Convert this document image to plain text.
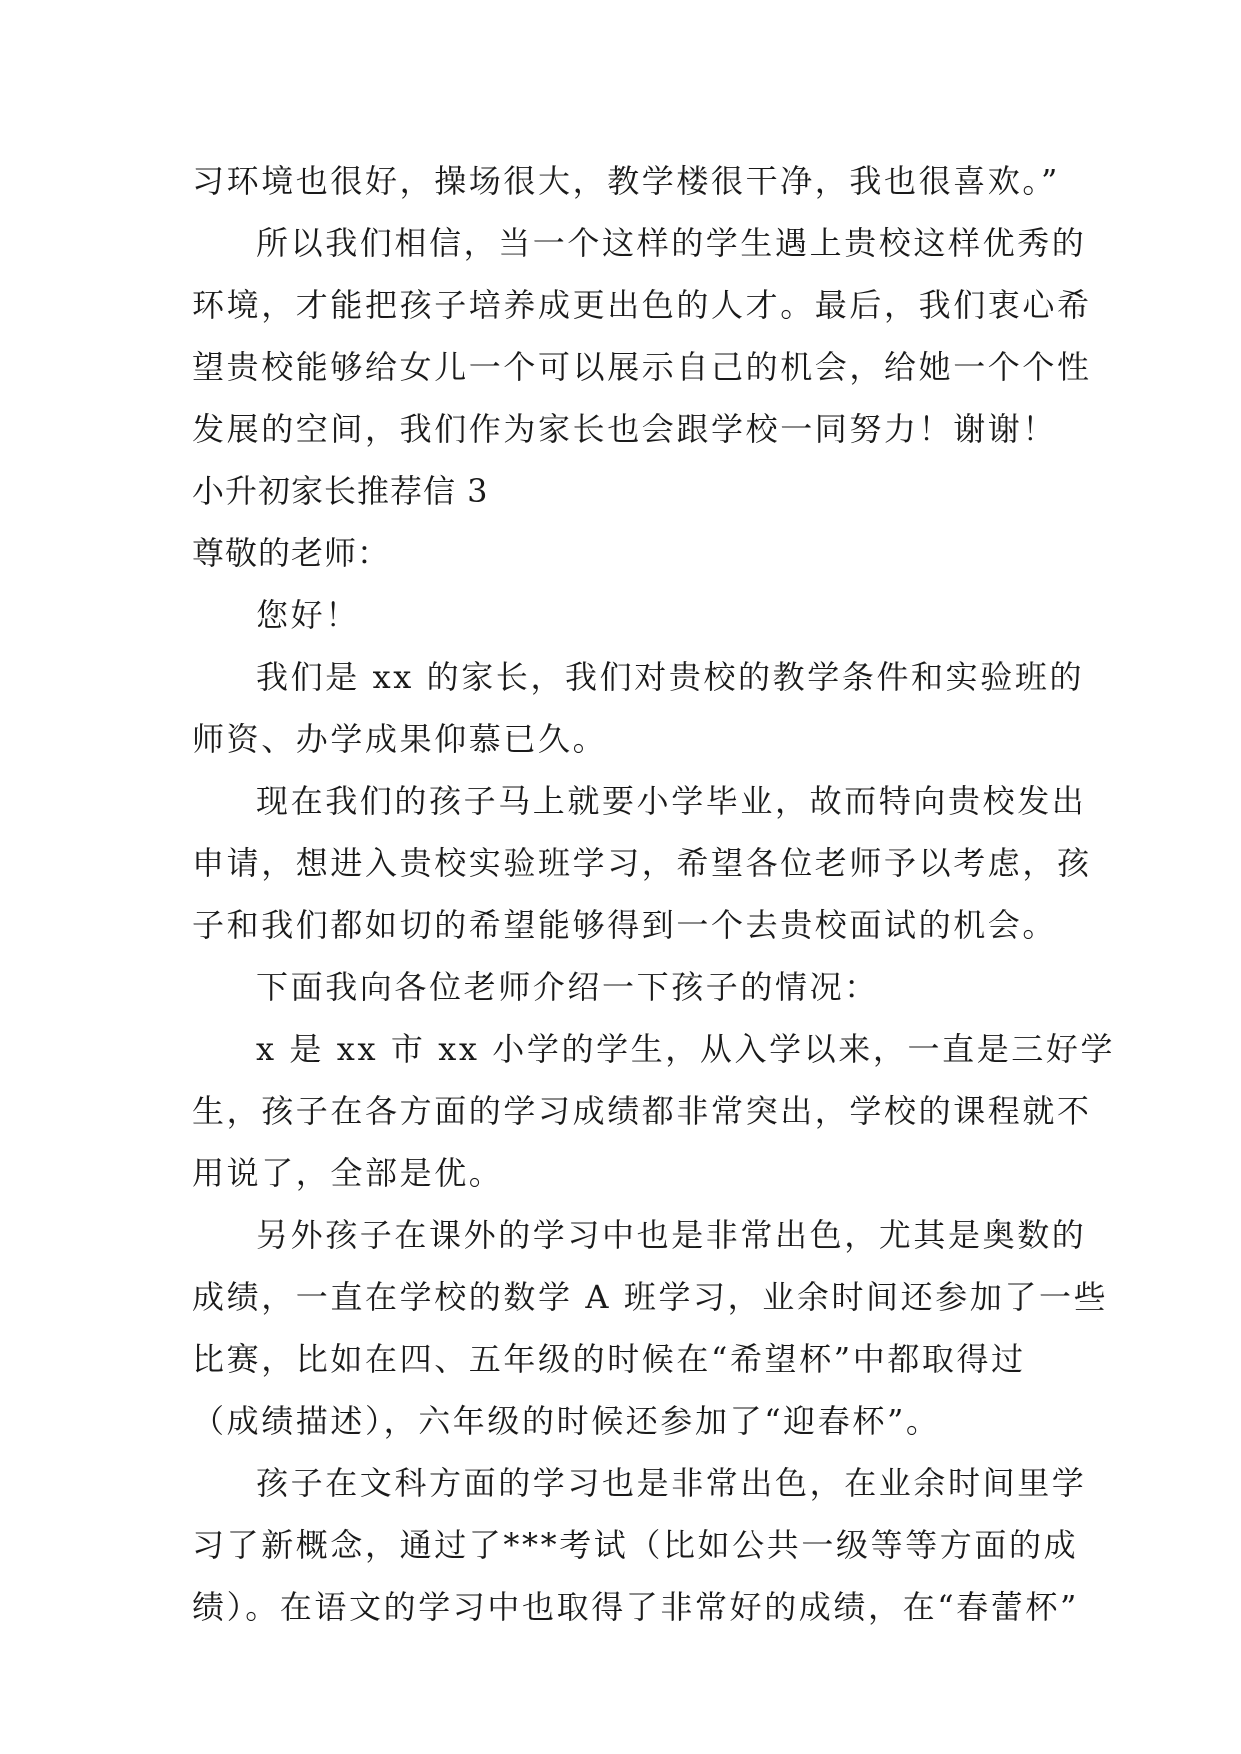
习环境也很好，操场很大，教学楼很干净，我也很喜欢。”

所以我们相信，当一个这样的学生遇上贵校这样优秀的

环境，才能把孩子培养成更出色的人才。最后，我们衷心希

望贵校能够给女儿一个可以展示自己的机会，给她一个个性

发展的空间，我们作为家长也会跟学校一同努力！谢谢！

小升初家长推荐信 3

尊敬的老师：

您好！

我们是 xx 的家长，我们对贵校的教学条件和实验班的

师资、办学成果仰慕已久。

现在我们的孩子马上就要小学毕业，故而特向贵校发出

申请，想进入贵校实验班学习，希望各位老师予以考虑，孩

子和我们都如切的希望能够得到一个去贵校面试的机会。

下面我向各位老师介绍一下孩子的情况：

x 是 xx 市 xx 小学的学生，从入学以来，一直是三好学

生，孩子在各方面的学习成绩都非常突出，学校的课程就不

用说了，全部是优。

另外孩子在课外的学习中也是非常出色，尤其是奥数的

成绩，一直在学校的数学 A 班学习，业余时间还参加了一些

比赛，比如在四、五年级的时候在“希望杯”中都取得过

（成绩描述），六年级的时候还参加了“迎春杯”。

孩子在文科方面的学习也是非常出色，在业余时间里学

习了新概念，通过了***考试（比如公共一级等等方面的成

绩）。在语文的学习中也取得了非常好的成绩，在“春蕾杯”
